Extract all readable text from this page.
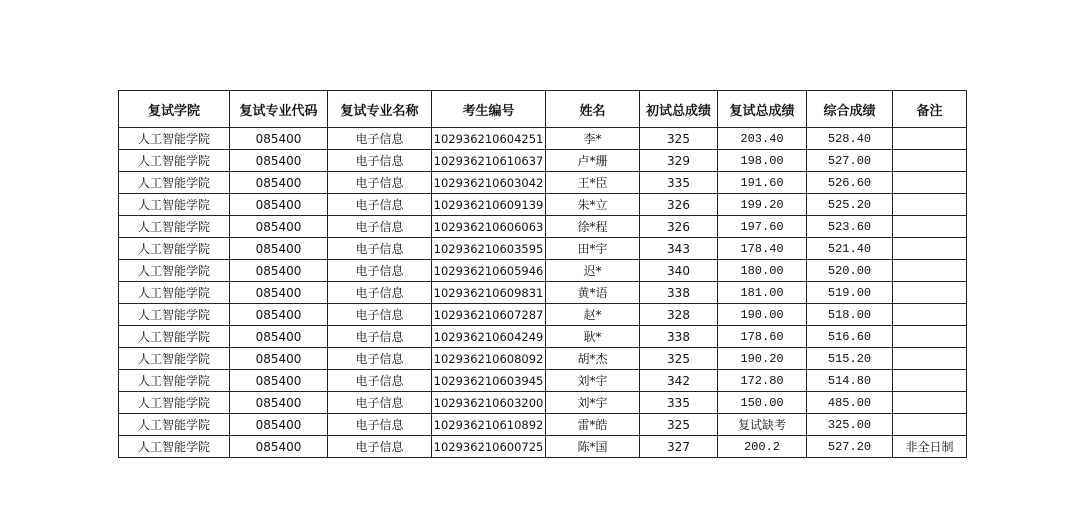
复试学院	复试专业代码	复试专业名称	考生编号	姓名	初试总成绩	复试总成绩	综合成绩	备注
人工智能学院	085400	电子信息	102936210604251	李*	325	203.40	528.40	
人工智能学院	085400	电子信息	102936210610637	卢*珊	329	198.00	527.00	
人工智能学院	085400	电子信息	102936210603042	王*臣	335	191.60	526.60	
人工智能学院	085400	电子信息	102936210609139	朱*立	326	199.20	525.20	
人工智能学院	085400	电子信息	102936210606063	徐*程	326	197.60	523.60	
人工智能学院	085400	电子信息	102936210603595	田*宇	343	178.40	521.40	
人工智能学院	085400	电子信息	102936210605946	迟*	340	180.00	520.00	
人工智能学院	085400	电子信息	102936210609831	黄*语	338	181.00	519.00	
人工智能学院	085400	电子信息	102936210607287	赵*	328	190.00	518.00	
人工智能学院	085400	电子信息	102936210604249	耿*	338	178.60	516.60	
人工智能学院	085400	电子信息	102936210608092	胡*杰	325	190.20	515.20	
人工智能学院	085400	电子信息	102936210603945	刘*宇	342	172.80	514.80	
人工智能学院	085400	电子信息	102936210603200	刘*宇	335	150.00	485.00	
人工智能学院	085400	电子信息	102936210610892	雷*皓	325	复试缺考	325.00	
人工智能学院	085400	电子信息	102936210600725	陈*国	327	200.2	527.20	非全日制
